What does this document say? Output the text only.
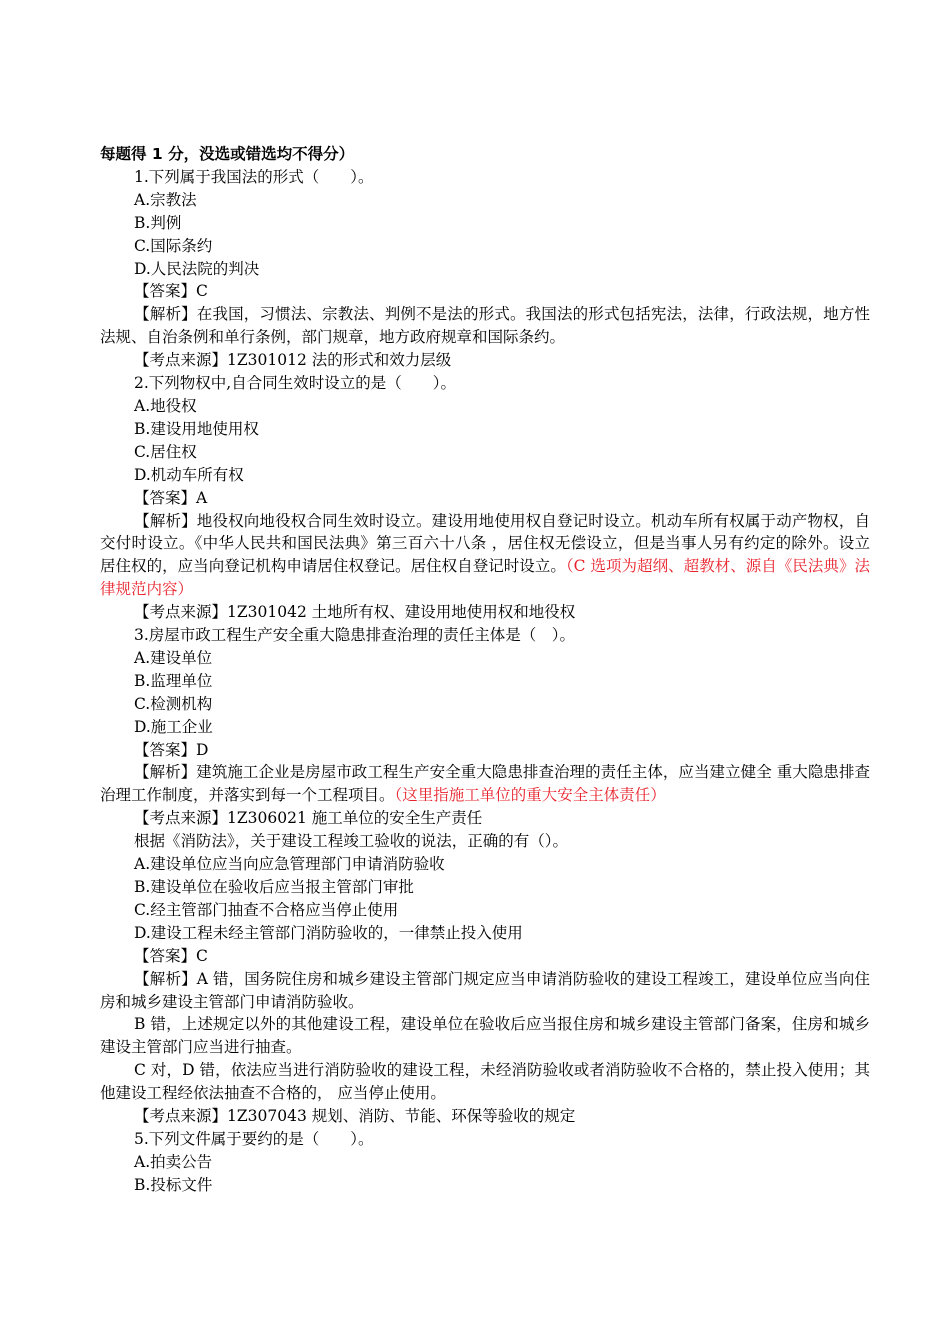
每题得 1 分，没选或错选均不得分）
1.下列属于我国法的形式（　　）。
A.宗教法
B.判例
C.国际条约
D.人民法院的判决
【答案】C
【解析】在我国，习惯法、宗教法、判例不是法的形式。我国法的形式包括宪法，法律，行政法规，地方性法规、自治条例和单行条例，部门规章，地方政府规章和国际条约。
【考点来源】1Z301012 法的形式和效力层级
2.下列物权中,自合同生效时设立的是（　　）。
A.地役权
B.建设用地使用权
C.居住权
D.机动车所有权
【答案】A
【解析】地役权向地役权合同生效时设立。建设用地使用权自登记时设立。机动车所有权属于动产物权，自交付时设立。《中华人民共和国民法典》第三百六十八条 ，居住权无偿设立，但是当事人另有约定的除外。设立居住权的，应当向登记机构申请居住权登记。居住权自登记时设立。（C 选项为超纲、超教材、源自《民法典》法律规范内容）
【考点来源】1Z301042 土地所有权、建设用地使用权和地役权
3.房屋市政工程生产安全重大隐患排查治理的责任主体是（　）。
A.建设单位
B.监理单位
C.检测机构
D.施工企业
【答案】D
【解析】建筑施工企业是房屋市政工程生产安全重大隐患排查治理的责任主体，应当建立健全 重大隐患排查治理工作制度，并落实到每一个工程项目。（这里指施工单位的重大安全主体责任）
【考点来源】1Z306021 施工单位的安全生产责任
根据《消防法》，关于建设工程竣工验收的说法，正确的有（）。
A.建设单位应当向应急管理部门申请消防验收
B.建设单位在验收后应当报主管部门审批
C.经主管部门抽查不合格应当停止使用
D.建设工程未经主管部门消防验收的，一律禁止投入使用
【答案】C
【解析】A 错，国务院住房和城乡建设主管部门规定应当申请消防验收的建设工程竣工，建设单位应当向住房和城乡建设主管部门申请消防验收。
B 错，上述规定以外的其他建设工程，建设单位在验收后应当报住房和城乡建设主管部门备案，住房和城乡建设主管部门应当进行抽查。
C 对，D 错，依法应当进行消防验收的建设工程，未经消防验收或者消防验收不合格的，禁止投入使用；其他建设工程经依法抽查不合格的， 应当停止使用。
【考点来源】1Z307043 规划、消防、节能、环保等验收的规定
5.下列文件属于要约的是（　　）。
A.拍卖公告
B.投标文件
